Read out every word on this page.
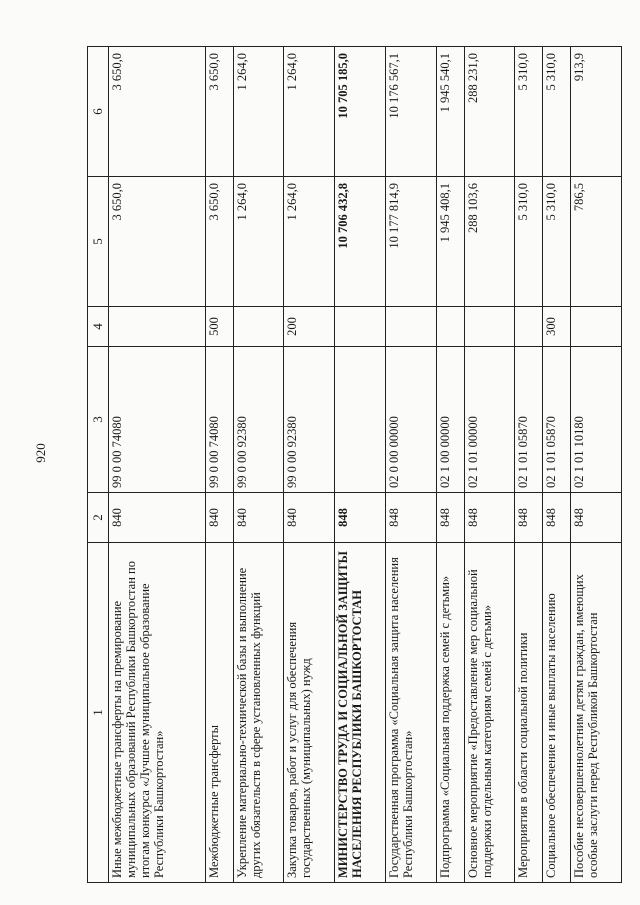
920
1	2	3	4	5	6
Иные межбюджетные трансферты на премирование муниципальных образований Республики Башкортостан по итогам конкурса «Лучшее муниципальное образование Республики Башкортостан»	840	99 0 00 74080		3 650,0	3 650,0
Межбюджетные трансферты	840	99 0 00 74080	500	3 650,0	3 650,0
Укрепление материально-технической базы и выполнение других обязательств в сфере установленных функций	840	99 0 00 92380		1 264,0	1 264,0
Закупка товаров, работ и услуг для обеспечения государственных (муниципальных) нужд	840	99 0 00 92380	200	1 264,0	1 264,0
МИНИСТЕРСТВО ТРУДА И СОЦИАЛЬНОЙ ЗАЩИТЫ НАСЕЛЕНИЯ РЕСПУБЛИКИ БАШКОРТОСТАН	848			10 706 432,8	10 705 185,0
Государственная программа «Социальная защита населения Республики Башкортостан»	848	02 0 00 00000		10 177 814,9	10 176 567,1
Подпрограмма «Социальная поддержка семей с детьми»	848	02 1 00 00000		1 945 408,1	1 945 540,1
Основное мероприятие «Предоставление мер социальной поддержки отдельным категориям семей с детьми»	848	02 1 01 00000		288 103,6	288 231,0
Мероприятия в области социальной политики	848	02 1 01 05870		5 310,0	5 310,0
Социальное обеспечение и иные выплаты населению	848	02 1 01 05870	300	5 310,0	5 310,0
Пособие несовершеннолетним детям граждан, имеющих особые заслуги перед Республикой Башкортостан	848	02 1 01 10180		786,5	913,9
